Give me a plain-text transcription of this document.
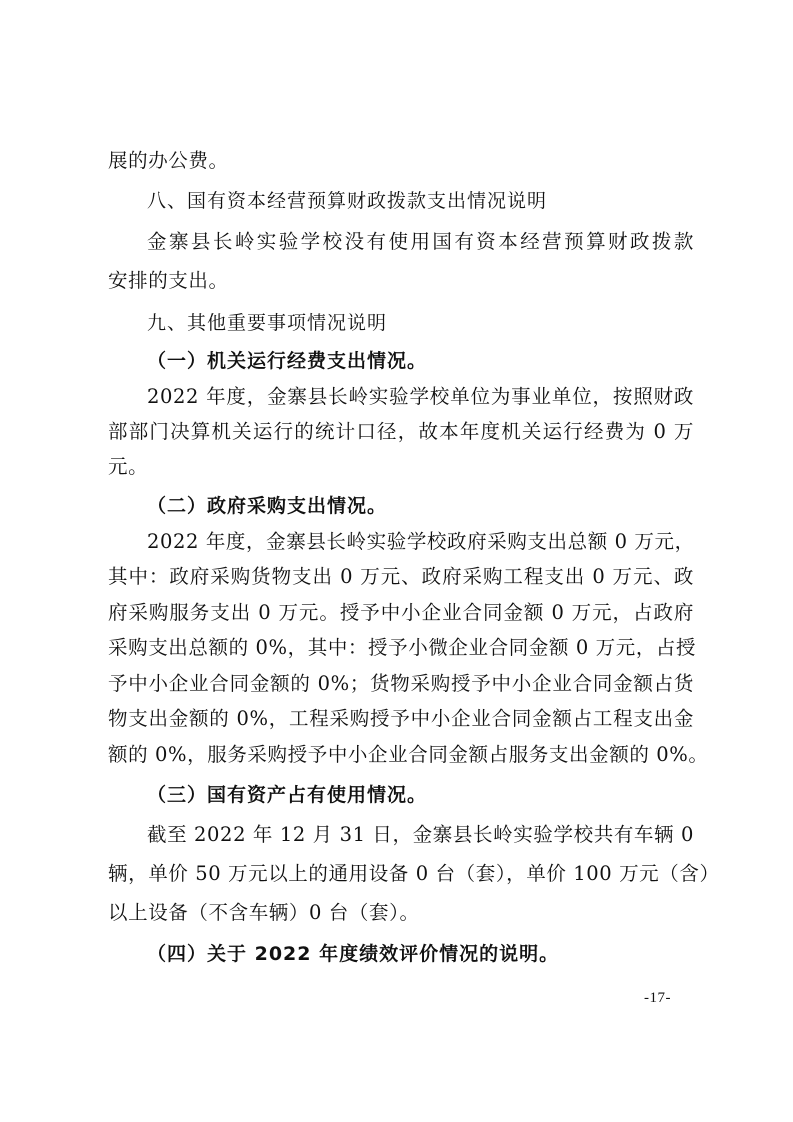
展的办公费。
八、国有资本经营预算财政拨款支出情况说明
金寨县长岭实验学校没有使用国有资本经营预算财政拨款
安排的支出。
九、其他重要事项情况说明
（一）机关运行经费支出情况。
2022 年度，金寨县长岭实验学校单位为事业单位，按照财政
部部门决算机关运行的统计口径，故本年度机关运行经费为 0 万
元。
（二）政府采购支出情况。
2022 年度，金寨县长岭实验学校政府采购支出总额 0 万元，
其中：政府采购货物支出 0 万元、政府采购工程支出 0 万元、政
府采购服务支出 0 万元。授予中小企业合同金额 0 万元，占政府
采购支出总额的 0%，其中：授予小微企业合同金额 0 万元，占授
予中小企业合同金额的 0%；货物采购授予中小企业合同金额占货
物支出金额的 0%，工程采购授予中小企业合同金额占工程支出金
额的 0%，服务采购授予中小企业合同金额占服务支出金额的 0%。
（三）国有资产占有使用情况。
截至 2022 年 12 月 31 日，金寨县长岭实验学校共有车辆 0
辆，单价 50 万元以上的通用设备 0 台（套），单价 100 万元（含）
以上设备（不含车辆）0 台（套）。
（四）关于 2022 年度绩效评价情况的说明。
-17-
